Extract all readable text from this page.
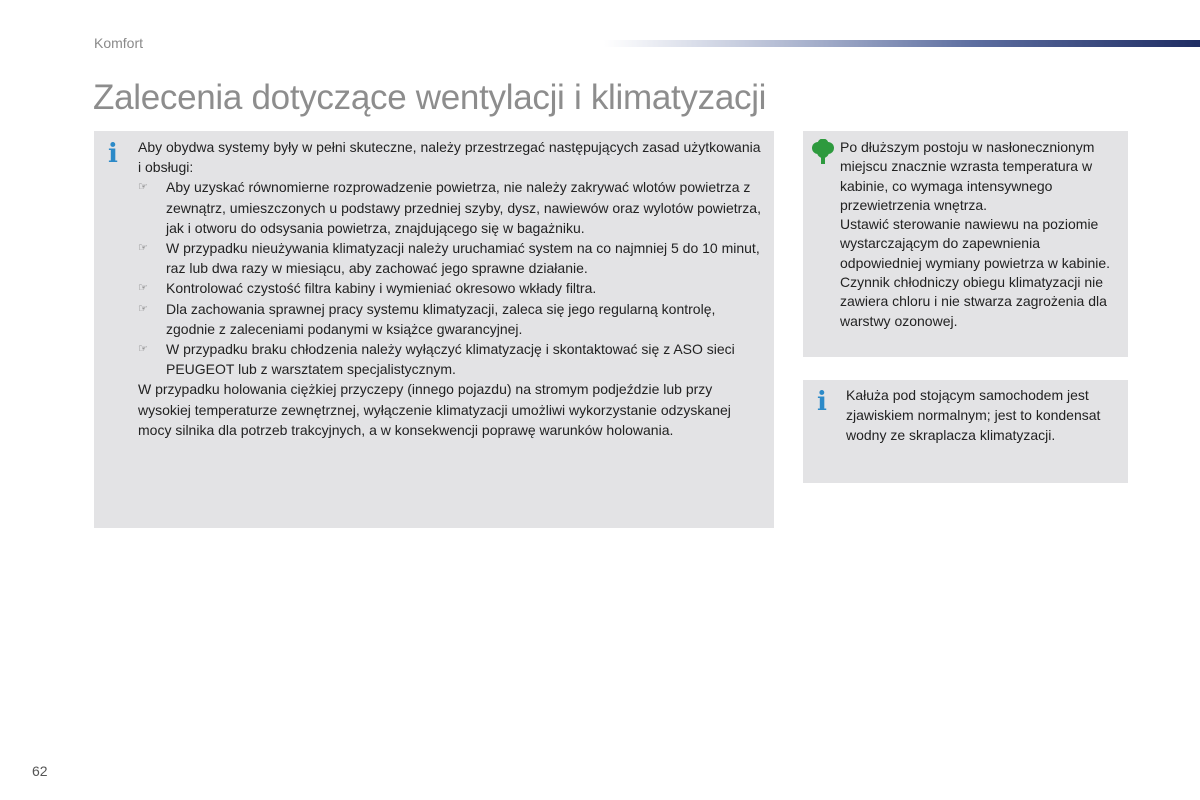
Komfort
Zalecenia dotyczące wentylacji i klimatyzacji
i Aby obydwa systemy były w pełni skuteczne, należy przestrzegać następujących zasad użytkowania i obsługi:

☞ Aby uzyskać równomierne rozprowadzenie powietrza, nie należy zakrywać wlotów powietrza z zewnątrz, umieszczonych u podstawy przedniej szyby, dysz, nawiewów oraz wylotów powietrza, jak i otworu do odsysania powietrza, znajdującego się w bagażniku.
☞ W przypadku nieużywania klimatyzacji należy uruchamiać system na co najmniej 5 do 10 minut, raz lub dwa razy w miesiącu, aby zachować jego sprawne działanie.
☞ Kontrolować czystość filtra kabiny i wymieniać okresowo wkłady filtra.
☞ Dla zachowania sprawnej pracy systemu klimatyzacji, zaleca się jego regularną kontrolę, zgodnie z zaleceniami podanymi w książce gwarancyjnej.
☞ W przypadku braku chłodzenia należy wyłączyć klimatyzację i skontaktować się z ASO sieci PEUGEOT lub z warsztatem specjalistycznym.

W przypadku holowania ciężkiej przyczepy (innego pojazdu) na stromym podjeździe lub przy wysokiej temperaturze zewnętrznej, wyłączenie klimatyzacji umożliwi wykorzystanie odzyskanej mocy silnika dla potrzeb trakcyjnych, a w konsekwencji poprawę warunków holowania.

Po dłuższym postoju w nasłonecznionym miejscu znacznie wzrasta temperatura w kabinie, co wymaga intensywnego przewietrzenia wnętrza.

Ustawić sterowanie nawiewu na poziomie wystarczającym do zapewnienia odpowiedniej wymiany powietrza w kabinie.

Czynnik chłodniczy obiegu klimatyzacji nie zawiera chloru i nie stwarza zagrożenia dla warstwy ozonowej.

i Kałuża pod stojącym samochodem jest zjawiskiem normalnym; jest to kondensat wodny ze skraplacza klimatyzacji.

62
